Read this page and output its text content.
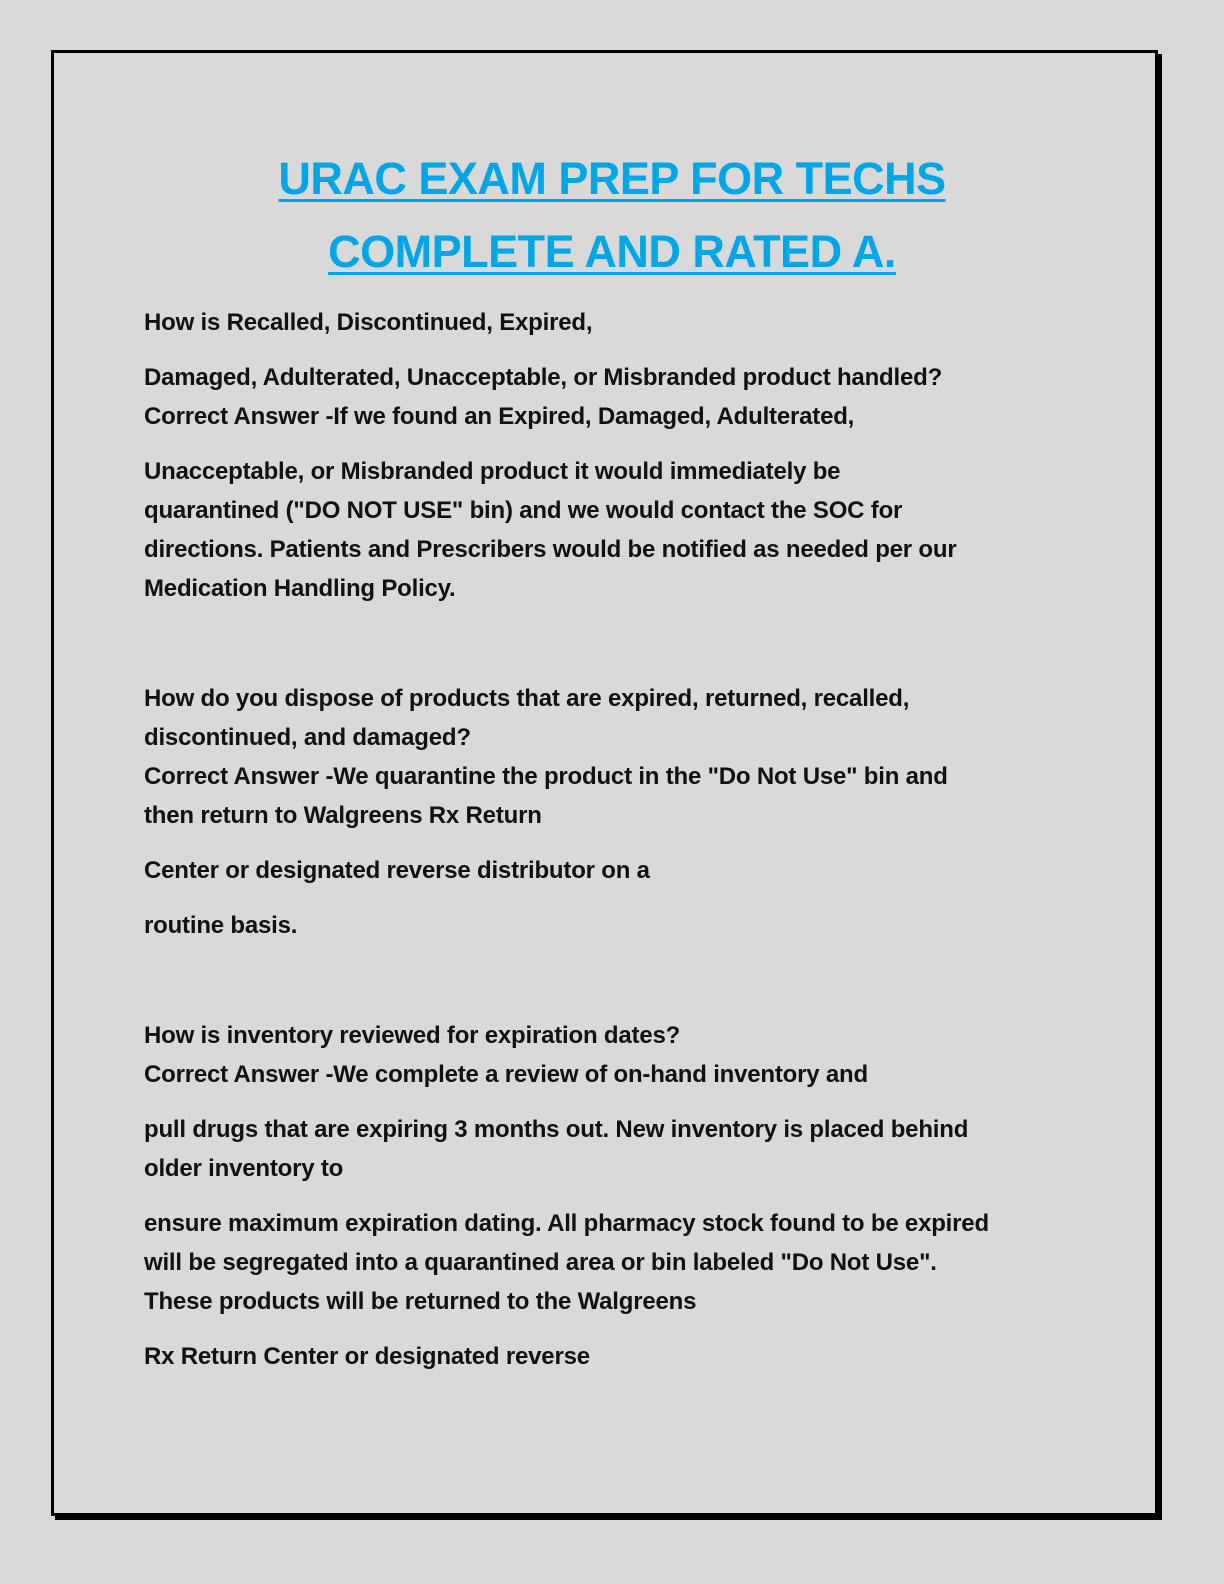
URAC EXAM PREP FOR TECHS
COMPLETE AND RATED A.

How is Recalled, Discontinued, Expired,

Damaged, Adulterated, Unacceptable, or Misbranded product handled?

Correct Answer -If we found an Expired, Damaged, Adulterated,

Unacceptable, or Misbranded product it would immediately be

quarantined ("DO NOT USE" bin) and we would contact the SOC for

directions. Patients and Prescribers would be notified as needed per our

Medication Handling Policy.

How do you dispose of products that are expired, returned, recalled,

discontinued, and damaged?

Correct Answer -We quarantine the product in the "Do Not Use" bin and

then return to Walgreens Rx Return

Center or designated reverse distributor on a

routine basis.

How is inventory reviewed for expiration dates?

Correct Answer -We complete a review of on-hand inventory and

pull drugs that are expiring 3 months out. New inventory is placed behind

older inventory to

ensure maximum expiration dating. All pharmacy stock found to be expired

will be segregated into a quarantined area or bin labeled "Do Not Use".

These products will be returned to the Walgreens

Rx Return Center or designated reverse
